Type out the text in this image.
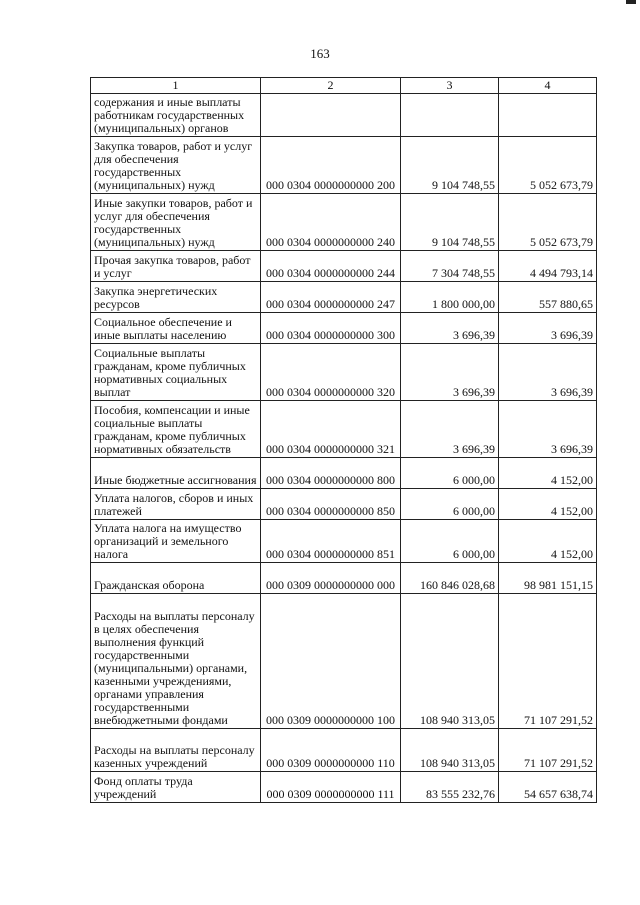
163
1	2	3	4
содержания и иные выплаты работникам государственных (муниципальных) органов			
Закупка товаров, работ и услуг для обеспечения государственных (муниципальных) нужд	000 0304 0000000000 200	9 104 748,55	5 052 673,79
Иные закупки товаров, работ и услуг для обеспечения государственных (муниципальных) нужд	000 0304 0000000000 240	9 104 748,55	5 052 673,79
Прочая закупка товаров, работ и услуг	000 0304 0000000000 244	7 304 748,55	4 494 793,14
Закупка энергетических ресурсов	000 0304 0000000000 247	1 800 000,00	557 880,65
Социальное обеспечение и иные выплаты населению	000 0304 0000000000 300	3 696,39	3 696,39
Социальные выплаты гражданам, кроме публичных нормативных социальных выплат	000 0304 0000000000 320	3 696,39	3 696,39
Пособия, компенсации и иные социальные выплаты гражданам, кроме публичных нормативных обязательств	000 0304 0000000000 321	3 696,39	3 696,39
Иные бюджетные ассигнования	000 0304 0000000000 800	6 000,00	4 152,00
Уплата налогов, сборов и иных платежей	000 0304 0000000000 850	6 000,00	4 152,00
Уплата налога на имущество организаций и земельного налога	000 0304 0000000000 851	6 000,00	4 152,00
Гражданская оборона	000 0309 0000000000 000	160 846 028,68	98 981 151,15
Расходы на выплаты персоналу в целях обеспечения выполнения функций государственными (муниципальными) органами, казенными учреждениями, органами управления государственными внебюджетными фондами	000 0309 0000000000 100	108 940 313,05	71 107 291,52
Расходы на выплаты персоналу казенных учреждений	000 0309 0000000000 110	108 940 313,05	71 107 291,52
Фонд оплаты труда учреждений	000 0309 0000000000 111	83 555 232,76	54 657 638,74
